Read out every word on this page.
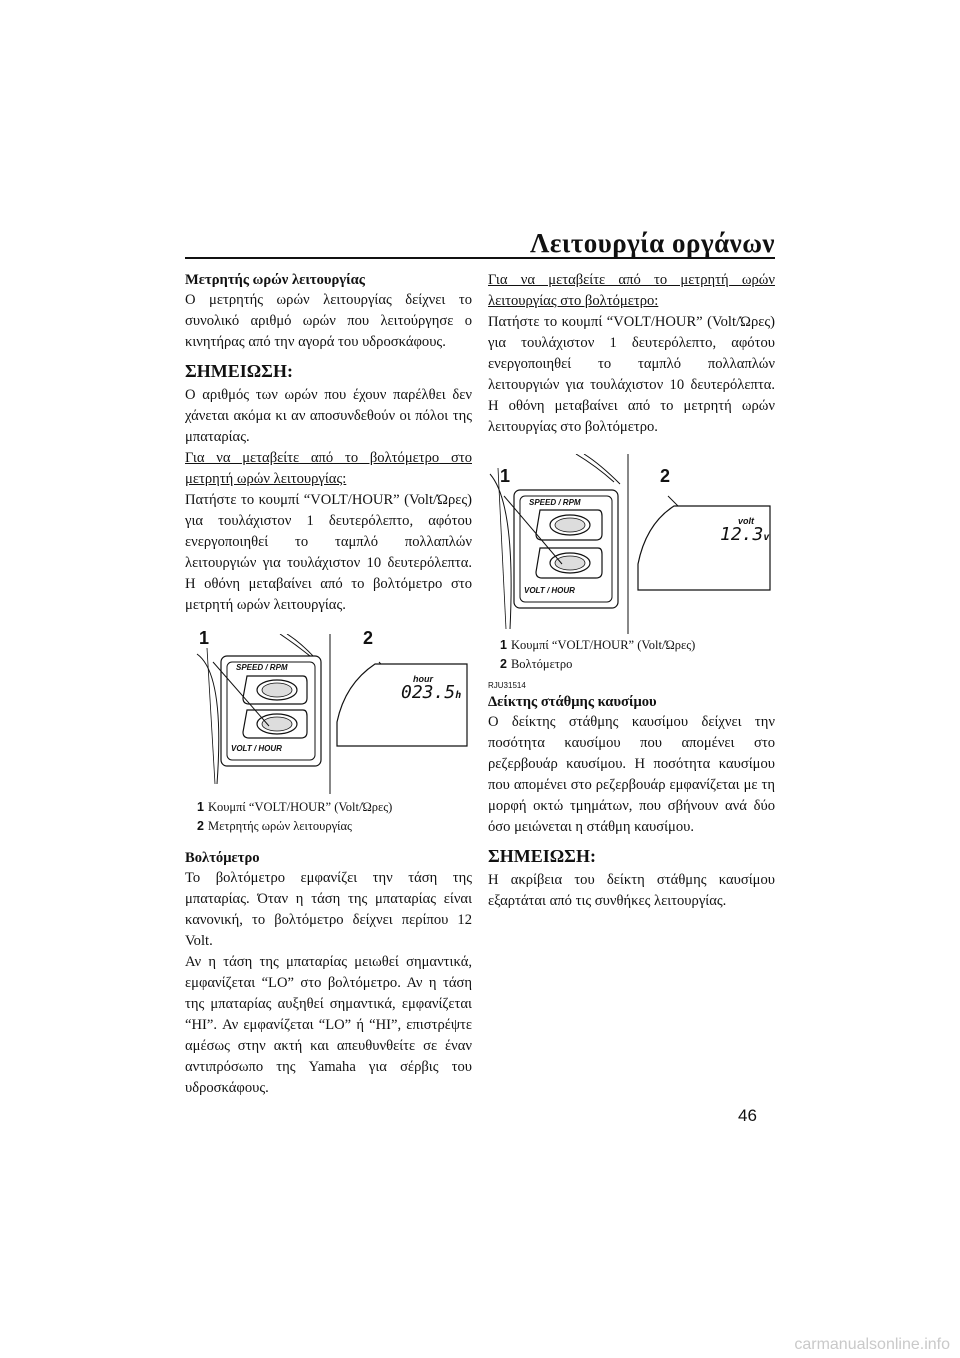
Λειτουργία οργάνων
Μετρητής ωρών λειτουργίας

Ο μετρητής ωρών λειτουργίας δείχνει το συνολικό αριθμό ωρών που λειτούργησε ο κινητήρας από την αγορά του υδροσκάφους.

ΣΗΜΕΙΩΣΗ:

Ο αριθμός των ωρών που έχουν παρέλθει δεν χάνεται ακόμα κι αν αποσυνδεθούν οι πόλοι της μπαταρίας.

Για να μεταβείτε από το βολτόμετρο στο μετρητή ωρών λειτουργίας:

Πατήστε το κουμπί “VOLT/HOUR” (Volt/Ώρες) για τουλάχιστον 1 δευτερόλεπτο, αφότου ενεργοποιηθεί το ταμπλό πολλαπλών λειτουργιών για τουλάχιστον 10 δευτερόλεπτα. Η οθόνη μεταβαίνει από το βολτόμετρο στο μετρητή ωρών λειτουργίας.

1	2
SPEED / RPM
VOLT / HOUR
hour
023.5h
1 Κουμπί “VOLT/HOUR” (Volt/Ώρες)
2 Μετρητής ωρών λειτουργίας
Βολτόμετρο

Το βολτόμετρο εμφανίζει την τάση της μπαταρίας. Όταν η τάση της μπαταρίας είναι κανονική, το βολτόμετρο δείχνει περίπου 12 Volt.

Αν η τάση της μπαταρίας μειωθεί σημαντικά, εμφανίζεται “LO” στο βολτόμετρο. Αν η τάση της μπαταρίας αυξηθεί σημαντικά, εμφανίζεται “HI”. Αν εμφανίζεται “LO” ή “HI”, επιστρέψτε αμέσως στην ακτή και απευθυνθείτε σε έναν αντιπρόσωπο της Yamaha για σέρβις του υδροσκάφους.

Για να μεταβείτε από το μετρητή ωρών λειτουργίας στο βολτόμετρο:

Πατήστε το κουμπί “VOLT/HOUR” (Volt/Ώρες) για τουλάχιστον 1 δευτερόλεπτο, αφότου ενεργοποιηθεί το ταμπλό πολλαπλών λειτουργιών για τουλάχιστον 10 δευτερόλεπτα. Η οθόνη μεταβαίνει από το μετρητή ωρών λειτουργίας στο βολτόμετρο.

1	2
SPEED / RPM
VOLT / HOUR
volt
12.3v
1 Κουμπί “VOLT/HOUR” (Volt/Ώρες)
2 Βολτόμετρο
RJU31514
Δείκτης στάθμης καυσίμου

Ο δείκτης στάθμης καυσίμου δείχνει την ποσότητα καυσίμου που απομένει στο ρεζερβουάρ καυσίμου. Η ποσότητα καυσίμου που απομένει στο ρεζερβουάρ εμφανίζεται με τη μορφή οκτώ τμημάτων, που σβήνουν ανά δύο όσο μειώνεται η στάθμη καυσίμου.

ΣΗΜΕΙΩΣΗ:

Η ακρίβεια του δείκτη στάθμης καυσίμου εξαρτάται από τις συνθήκες λειτουργίας.

46
carmanualsonline.info
